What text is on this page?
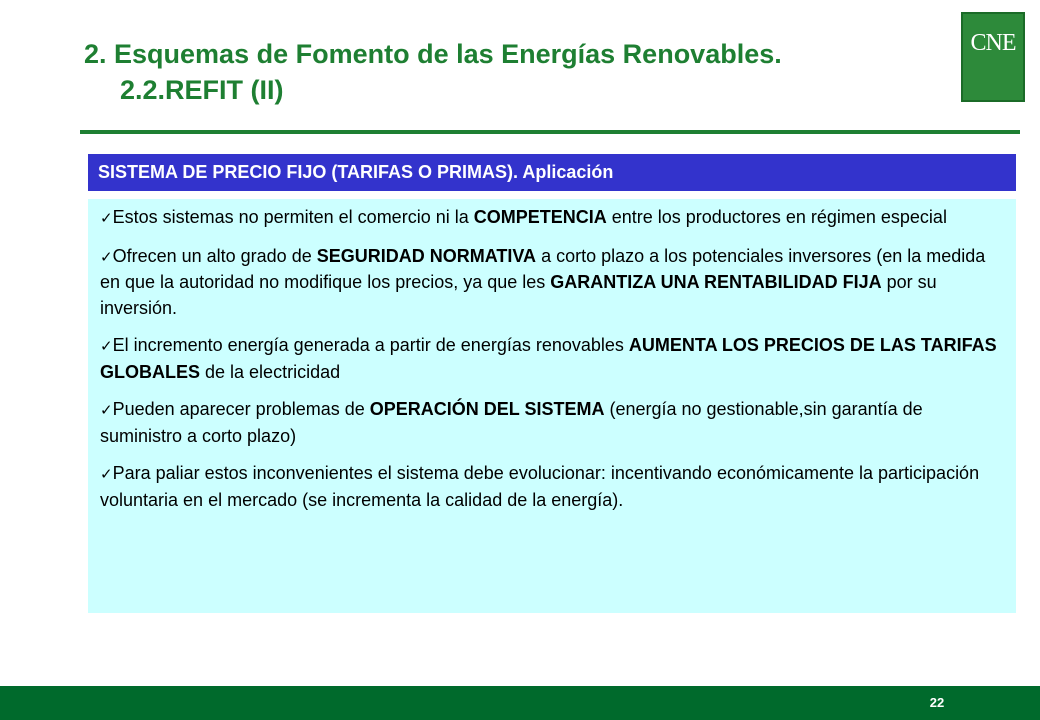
2. Esquemas de Fomento de las Energías Renovables.
2.2.REFIT (II)
CNE
SISTEMA DE PRECIO FIJO (TARIFAS O PRIMAS). Aplicación
✓Estos sistemas no permiten el comercio ni la COMPETENCIA entre los productores en régimen especial
✓Ofrecen un alto grado de SEGURIDAD NORMATIVA a corto plazo a los potenciales inversores (en la medida en que la autoridad no modifique los precios, ya que les GARANTIZA UNA RENTABILIDAD FIJA por su inversión.
✓El incremento energía generada a partir de energías renovables AUMENTA LOS PRECIOS DE LAS TARIFAS GLOBALES de la electricidad
✓Pueden aparecer problemas de OPERACIÓN DEL SISTEMA (energía no gestionable,sin garantía de suministro a corto plazo)
✓Para paliar estos inconvenientes el sistema debe evolucionar: incentivando económicamente la participación voluntaria en el mercado (se incrementa la calidad de la energía).
22
